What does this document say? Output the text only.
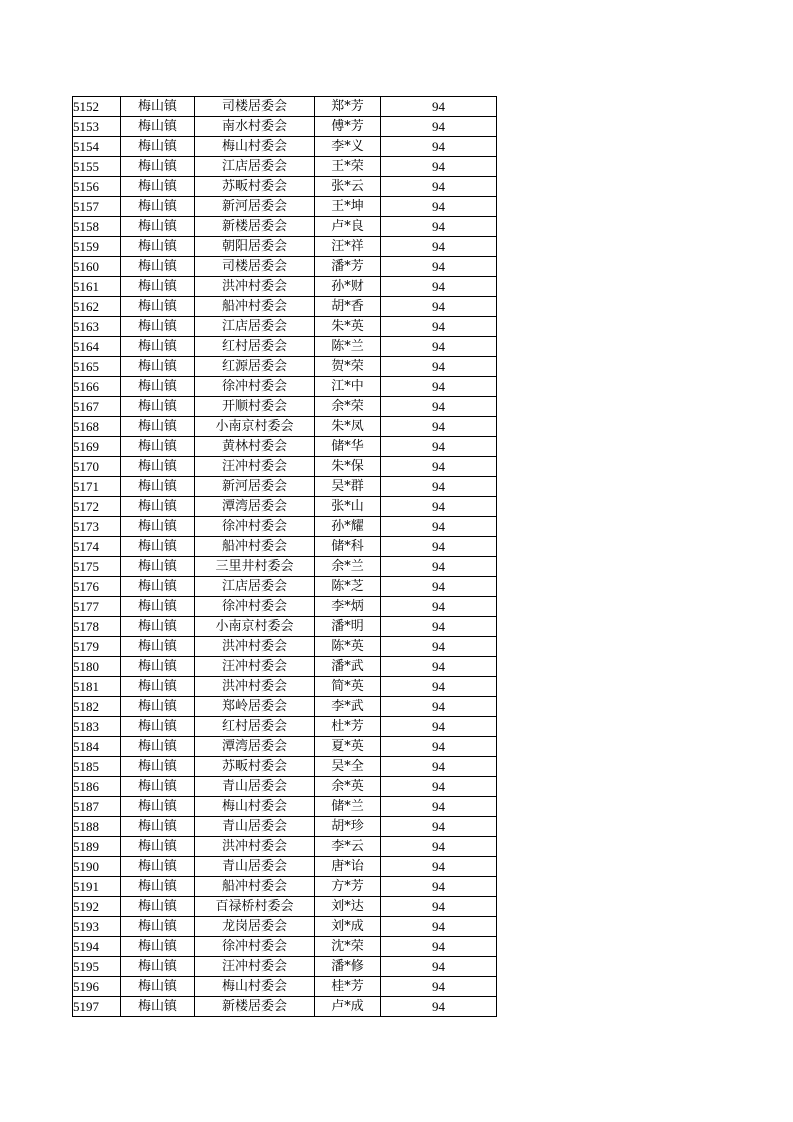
5152	梅山镇	司楼居委会	郑*芳	94
5153	梅山镇	南水村委会	傅*芳	94
5154	梅山镇	梅山村委会	李*义	94
5155	梅山镇	江店居委会	王*荣	94
5156	梅山镇	苏畈村委会	张*云	94
5157	梅山镇	新河居委会	王*坤	94
5158	梅山镇	新楼居委会	卢*良	94
5159	梅山镇	朝阳居委会	汪*祥	94
5160	梅山镇	司楼居委会	潘*芳	94
5161	梅山镇	洪冲村委会	孙*财	94
5162	梅山镇	船冲村委会	胡*香	94
5163	梅山镇	江店居委会	朱*英	94
5164	梅山镇	红村居委会	陈*兰	94
5165	梅山镇	红源居委会	贺*荣	94
5166	梅山镇	徐冲村委会	江*中	94
5167	梅山镇	开顺村委会	余*荣	94
5168	梅山镇	小南京村委会	朱*凤	94
5169	梅山镇	黄林村委会	储*华	94
5170	梅山镇	汪冲村委会	朱*保	94
5171	梅山镇	新河居委会	吴*群	94
5172	梅山镇	潭湾居委会	张*山	94
5173	梅山镇	徐冲村委会	孙*耀	94
5174	梅山镇	船冲村委会	储*科	94
5175	梅山镇	三里井村委会	余*兰	94
5176	梅山镇	江店居委会	陈*芝	94
5177	梅山镇	徐冲村委会	李*炳	94
5178	梅山镇	小南京村委会	潘*明	94
5179	梅山镇	洪冲村委会	陈*英	94
5180	梅山镇	汪冲村委会	潘*武	94
5181	梅山镇	洪冲村委会	简*英	94
5182	梅山镇	郑岭居委会	李*武	94
5183	梅山镇	红村居委会	杜*芳	94
5184	梅山镇	潭湾居委会	夏*英	94
5185	梅山镇	苏畈村委会	吴*全	94
5186	梅山镇	青山居委会	余*英	94
5187	梅山镇	梅山村委会	储*兰	94
5188	梅山镇	青山居委会	胡*珍	94
5189	梅山镇	洪冲村委会	李*云	94
5190	梅山镇	青山居委会	唐*诒	94
5191	梅山镇	船冲村委会	方*芳	94
5192	梅山镇	百禄桥村委会	刘*达	94
5193	梅山镇	龙岗居委会	刘*成	94
5194	梅山镇	徐冲村委会	沈*荣	94
5195	梅山镇	汪冲村委会	潘*修	94
5196	梅山镇	梅山村委会	桂*芳	94
5197	梅山镇	新楼居委会	卢*成	94
